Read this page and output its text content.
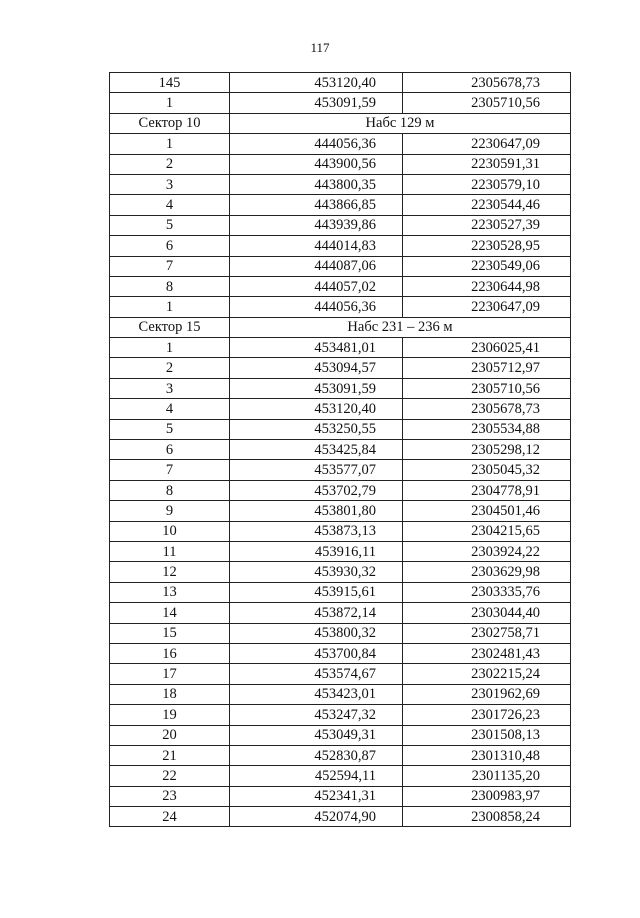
117
145	453120,40	2305678,73
1	453091,59	2305710,56
Сектор 10	Набс 129 м	
1	444056,36	2230647,09
2	443900,56	2230591,31
3	443800,35	2230579,10
4	443866,85	2230544,46
5	443939,86	2230527,39
6	444014,83	2230528,95
7	444087,06	2230549,06
8	444057,02	2230644,98
1	444056,36	2230647,09
Сектор 15	Набс 231 – 236 м	
1	453481,01	2306025,41
2	453094,57	2305712,97
3	453091,59	2305710,56
4	453120,40	2305678,73
5	453250,55	2305534,88
6	453425,84	2305298,12
7	453577,07	2305045,32
8	453702,79	2304778,91
9	453801,80	2304501,46
10	453873,13	2304215,65
11	453916,11	2303924,22
12	453930,32	2303629,98
13	453915,61	2303335,76
14	453872,14	2303044,40
15	453800,32	2302758,71
16	453700,84	2302481,43
17	453574,67	2302215,24
18	453423,01	2301962,69
19	453247,32	2301726,23
20	453049,31	2301508,13
21	452830,87	2301310,48
22	452594,11	2301135,20
23	452341,31	2300983,97
24	452074,90	2300858,24
